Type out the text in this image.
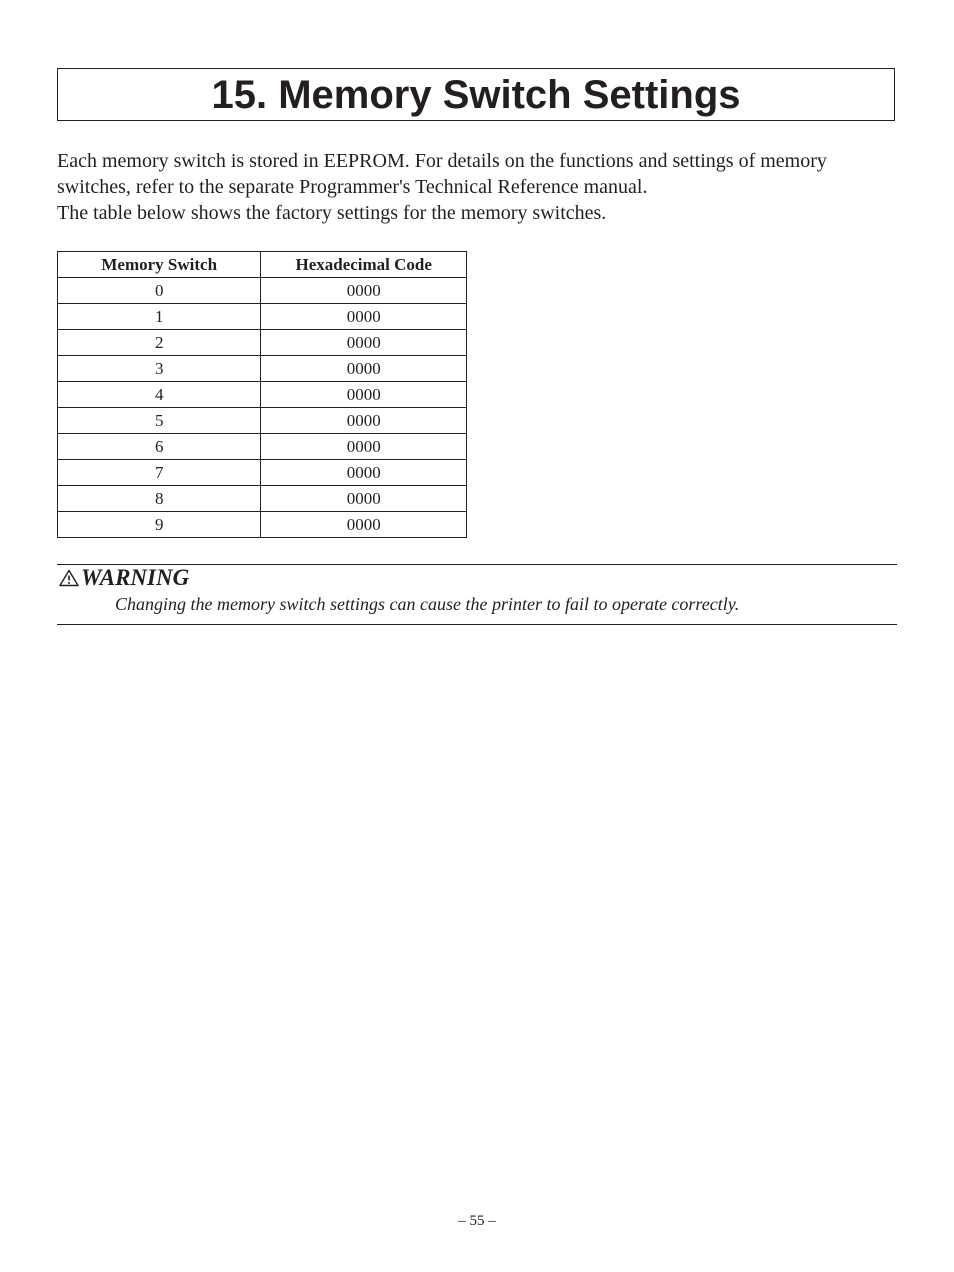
15. Memory Switch Settings

Each memory switch is stored in EEPROM. For details on the functions and settings of memory switches, refer to the separate Programmer's Technical Reference manual.

The table below shows the factory settings for the memory switches.

Memory Switch	Hexadecimal Code
0	0000
1	0000
2	0000
3	0000
4	0000
5	0000
6	0000
7	0000
8	0000
9	0000
WARNING
Changing the memory switch settings can cause the printer to fail to operate correctly.
– 55 –
